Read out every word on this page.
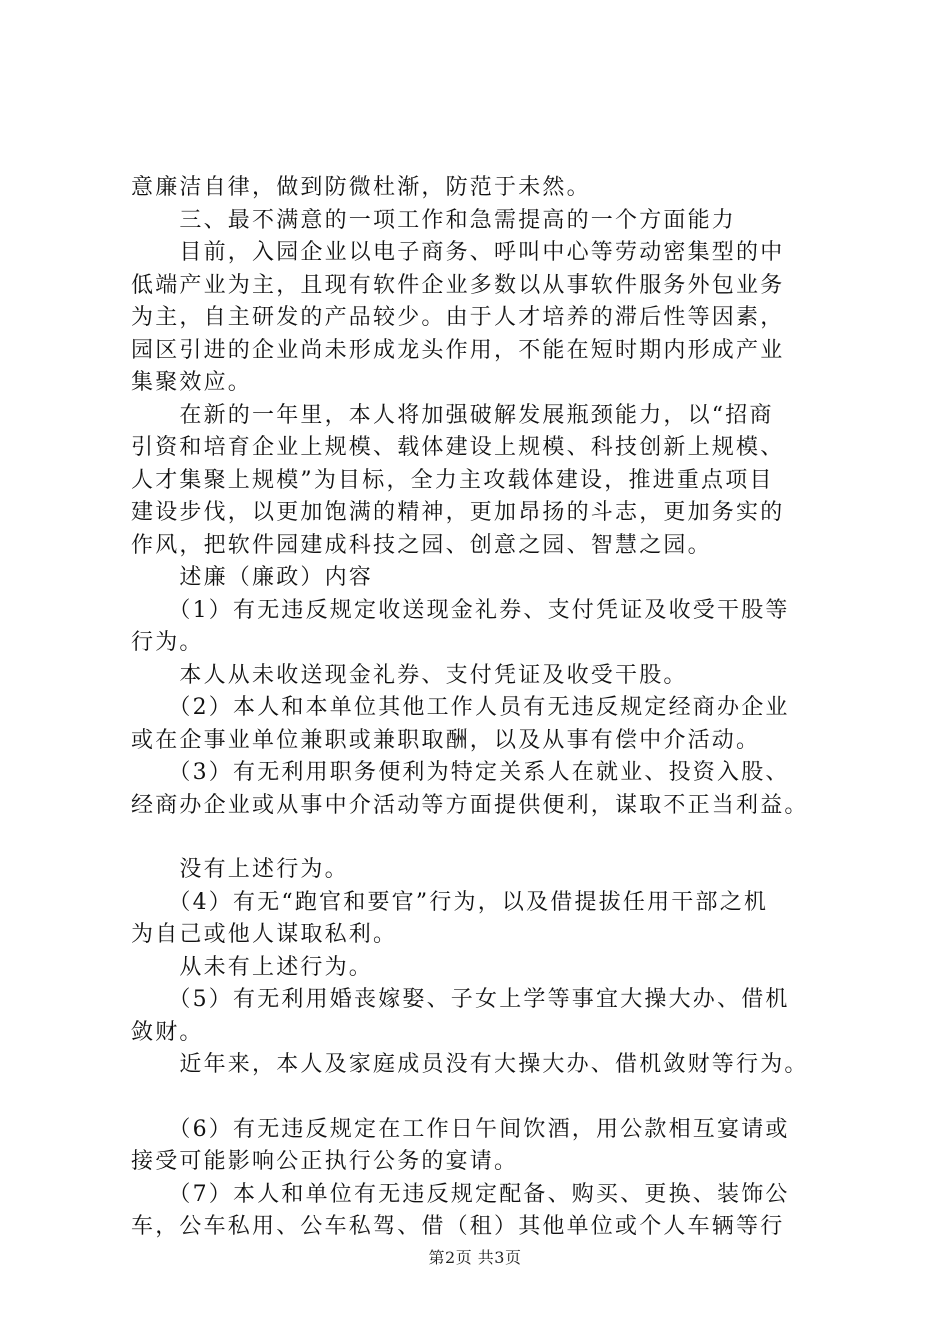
意廉洁自律，做到防微杜渐，防范于未然。
　　三、最不满意的一项工作和急需提高的一个方面能力
　　目前，入园企业以电子商务、呼叫中心等劳动密集型的中
低端产业为主，且现有软件企业多数以从事软件服务外包业务
为主，自主研发的产品较少。由于人才培养的滞后性等因素，
园区引进的企业尚未形成龙头作用，不能在短时期内形成产业
集聚效应。
　　在新的一年里，本人将加强破解发展瓶颈能力，以“招商
引资和培育企业上规模、载体建设上规模、科技创新上规模、
人才集聚上规模”为目标，全力主攻载体建设，推进重点项目
建设步伐，以更加饱满的精神，更加昂扬的斗志，更加务实的
作风，把软件园建成科技之园、创意之园、智慧之园。
　　述廉（廉政）内容
　　（1）有无违反规定收送现金礼券、支付凭证及收受干股等
行为。
　　本人从未收送现金礼券、支付凭证及收受干股。
　　（2）本人和本单位其他工作人员有无违反规定经商办企业
或在企事业单位兼职或兼职取酬，以及从事有偿中介活动。
　　（3）有无利用职务便利为特定关系人在就业、投资入股、
经商办企业或从事中介活动等方面提供便利，谋取不正当利益。
　　没有上述行为。
　　（4）有无“跑官和要官”行为，以及借提拔任用干部之机
为自己或他人谋取私利。
　　从未有上述行为。
　　（5）有无利用婚丧嫁娶、子女上学等事宜大操大办、借机
敛财。
　　近年来，本人及家庭成员没有大操大办、借机敛财等行为。
　　（6）有无违反规定在工作日午间饮酒，用公款相互宴请或
接受可能影响公正执行公务的宴请。
　　（7）本人和单位有无违反规定配备、购买、更换、装饰公
车，公车私用、公车私驾、借（租）其他单位或个人车辆等行
第2页 共3页
